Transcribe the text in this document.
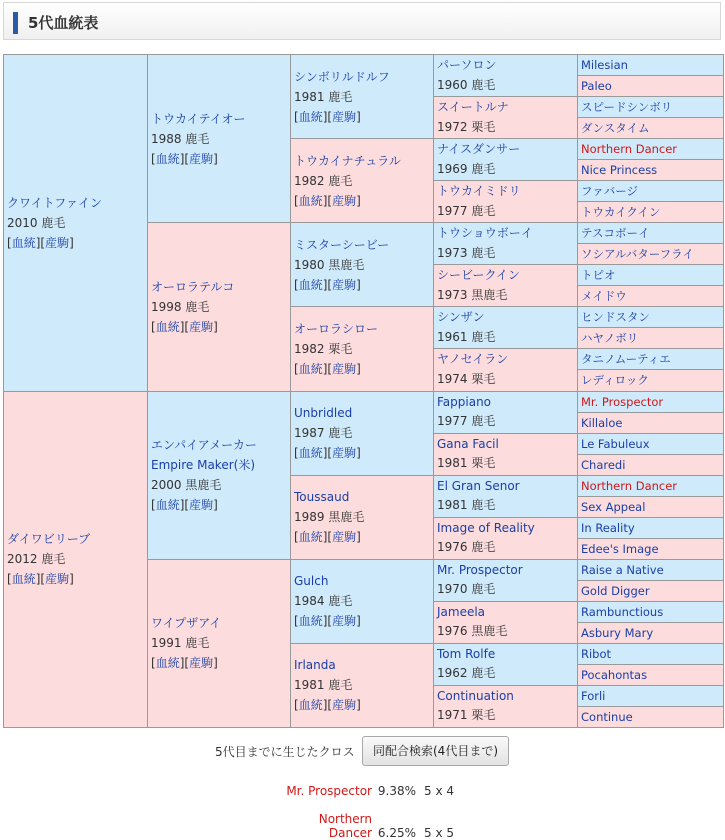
5代血統表
クワイトファイン
2010 鹿毛
[血統][産駒]	トウカイテイオー
1988 鹿毛
[血統][産駒]	シンボリルドルフ
1981 鹿毛
[血統][産駒]	パーソロン
1960 鹿毛	Milesian
				Paleo

			スイートルナ
1972 栗毛	スピードシンボリ
				ダンスタイム

		トウカイナチュラル
1982 鹿毛
[血統][産駒]	ナイスダンサー
1969 鹿毛	Northern Dancer
				Nice Princess

			トウカイミドリ
1977 鹿毛	ファバージ
				トウカイクイン

	オーロラテルコ
1998 鹿毛
[血統][産駒]	ミスターシービー
1980 黒鹿毛
[血統][産駒]	トウショウボーイ
1973 鹿毛	テスコボーイ
				ソシアルバターフライ

			シービークイン
1973 黒鹿毛	トピオ
				メイドウ

		オーロラシロー
1982 栗毛
[血統][産駒]	シンザン
1961 鹿毛	ヒンドスタン
				ハヤノボリ

			ヤノセイラン
1974 栗毛	タニノムーティエ
				レディロック

ダイワビリーブ
2012 鹿毛
[血統][産駒]	エンパイアメーカー
Empire Maker(米)
2000 黒鹿毛
[血統][産駒]	Unbridled
1987 鹿毛
[血統][産駒]	Fappiano
1977 鹿毛	Mr. Prospector
				Killaloe

			Gana Facil
1981 栗毛	Le Fabuleux
				Charedi

		Toussaud
1989 黒鹿毛
[血統][産駒]	El Gran Senor
1981 鹿毛	Northern Dancer
				Sex Appeal

			Image of Reality
1976 鹿毛	In Reality
				Edee's Image

	ワイプザアイ
1991 鹿毛
[血統][産駒]	Gulch
1984 鹿毛
[血統][産駒]	Mr. Prospector
1970 鹿毛	Raise a Native
				Gold Digger

			Jameela
1976 黒鹿毛	Rambunctious
				Asbury Mary

		Irlanda
1981 鹿毛
[血統][産駒]	Tom Rolfe
1962 鹿毛	Ribot
				Pocahontas

			Continuation
1971 栗毛	Forli
				Continue
5代目までに生じたクロス	同配合検索(4代目まで)
Mr. Prospector 9.38% 5 x 4
Northern Dancer 6.25% 5 x 5
